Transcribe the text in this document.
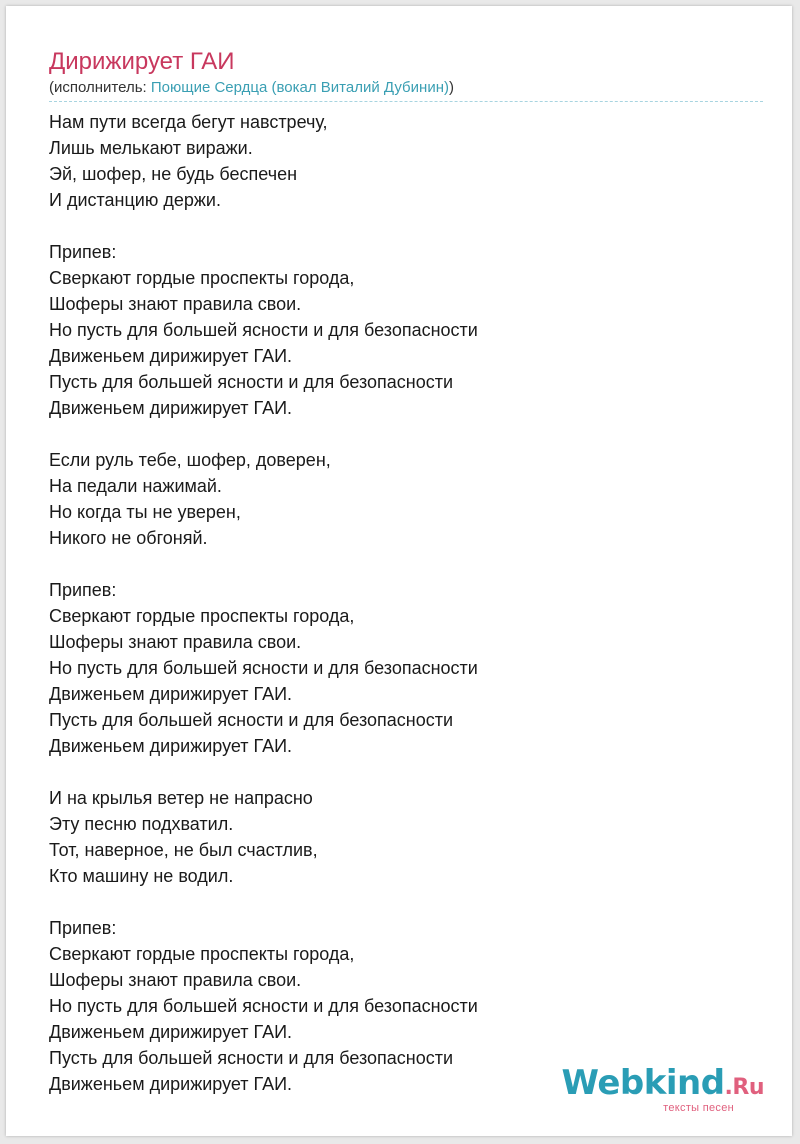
Дирижирует ГАИ
(исполнитель: Поющие Сердца (вокал Виталий Дубинин))
Нам пути всегда бегут навстречу,
Лишь мелькают виражи.
Эй, шофер, не будь беспечен
И дистанцию держи.
Припев:
Сверкают гордые проспекты города,
Шоферы знают правила свои.
Но пусть для большей ясности и для безопасности
Движеньем дирижирует ГАИ.
Пусть для большей ясности и для безопасности
Движеньем дирижирует ГАИ.
Если руль тебе, шофер, доверен,
На педали нажимай.
Но когда ты не уверен,
Никого не обгоняй.
Припев:
Сверкают гордые проспекты города,
Шоферы знают правила свои.
Но пусть для большей ясности и для безопасности
Движеньем дирижирует ГАИ.
Пусть для большей ясности и для безопасности
Движеньем дирижирует ГАИ.
И на крылья ветер не напрасно
Эту песню подхватил.
Тот, наверное, не был счастлив,
Кто машину не водил.
Припев:
Сверкают гордые проспекты города,
Шоферы знают правила свои.
Но пусть для большей ясности и для безопасности
Движеньем дирижирует ГАИ.
Пусть для большей ясности и для безопасности
Движеньем дирижирует ГАИ.	Webkind.Ru
тексты песен
